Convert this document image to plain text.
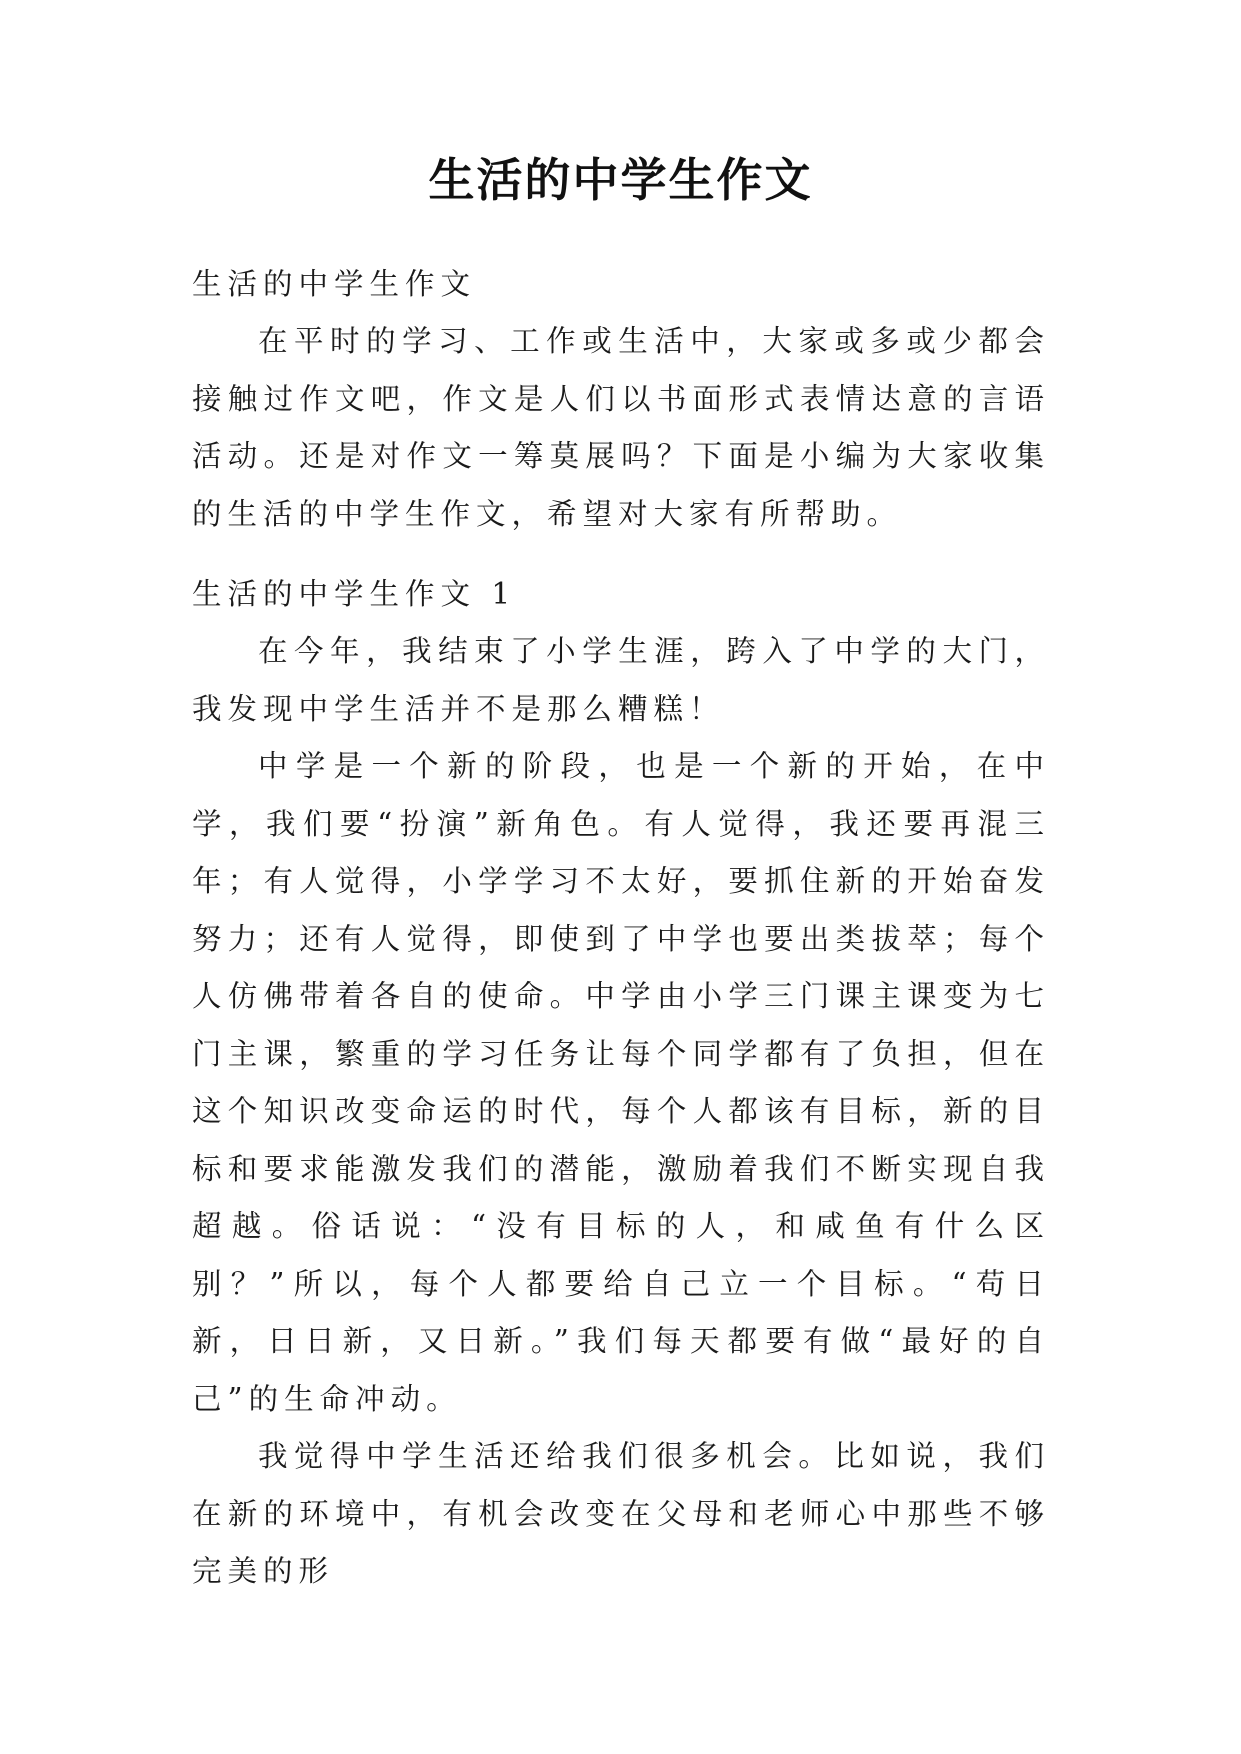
生活的中学生作文

生活的中学生作文

在平时的学习、工作或生活中，大家或多或少都会接触过作文吧，作文是人们以书面形式表情达意的言语活动。还是对作文一筹莫展吗？下面是小编为大家收集的生活的中学生作文，希望对大家有所帮助。

生活的中学生作文 1

在今年，我结束了小学生涯，跨入了中学的大门，我发现中学生活并不是那么糟糕！

中学是一个新的阶段，也是一个新的开始，在中学，我们要“扮演”新角色。有人觉得，我还要再混三年；有人觉得，小学学习不太好，要抓住新的开始奋发努力；还有人觉得，即使到了中学也要出类拔萃；每个人仿佛带着各自的使命。中学由小学三门课主课变为七门主课，繁重的学习任务让每个同学都有了负担，但在这个知识改变命运的时代，每个人都该有目标，新的目标和要求能激发我们的潜能，激励着我们不断实现自我超越。俗话说：“没有目标的人，和咸鱼有什么区别？”所以，每个人都要给自己立一个目标。“苟日新，日日新，又日新。”我们每天都要有做“最好的自己”的生命冲动。

我觉得中学生活还给我们很多机会。比如说，我们在新的环境中，有机会改变在父母和老师心中那些不够完美的形
